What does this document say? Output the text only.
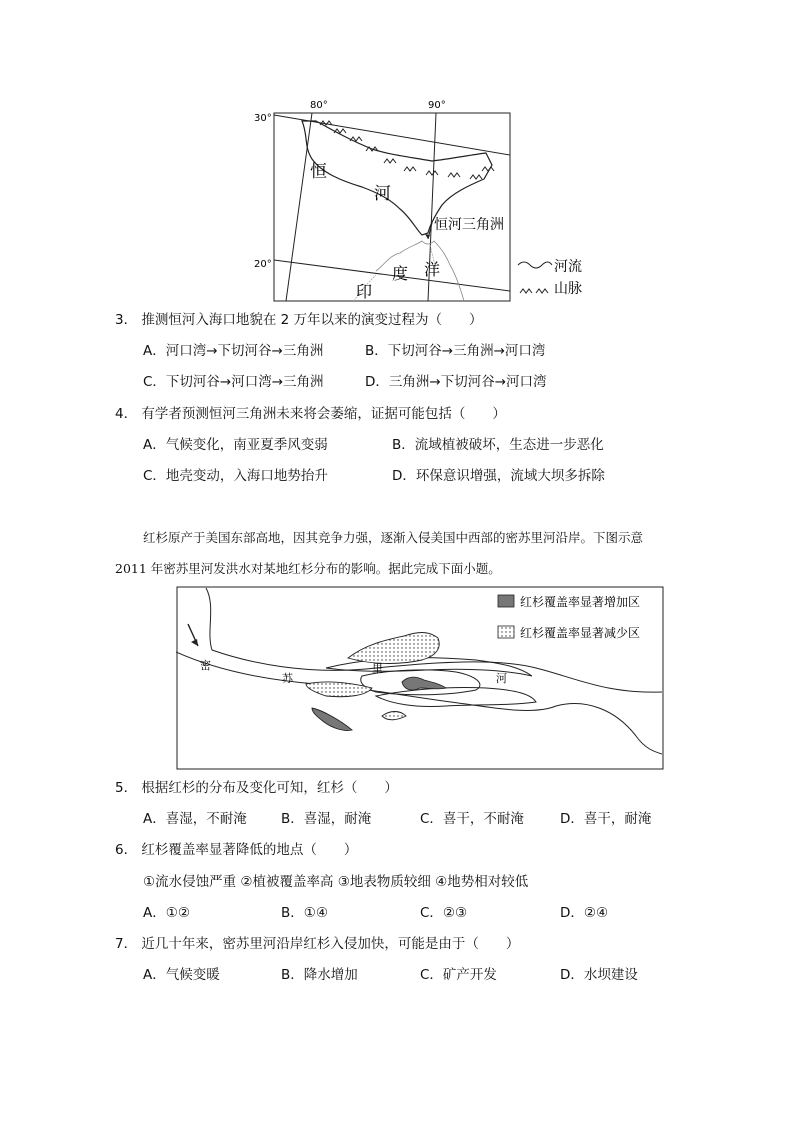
30°
20°
80°	90°
恒
河
恒河三角洲
度 洋
印
河流
山脉
3． 推测恒河入海口地貌在 2 万年以来的演变过程为（　　）
A．河口湾→下切河谷→三角洲	B．下切河谷→三角洲→河口湾
C．下切河谷→河口湾→三角洲	D．三角洲→下切河谷→河口湾
4． 有学者预测恒河三角洲未来将会萎缩，证据可能包括（　　）
A．气候变化，南亚夏季风变弱	B．流域植被破坏，生态进一步恶化
C．地壳变动，入海口地势抬升	D．环保意识增强，流域大坝多拆除
红杉原产于美国东部高地，因其竞争力强，逐渐入侵美国中西部的密苏里河沿岸。下图示意
2011 年密苏里河发洪水对某地红杉分布的影响。据此完成下面小题。
密
苏
里
河
红杉覆盖率显著增加区
红杉覆盖率显著减少区
5． 根据红杉的分布及变化可知，红杉（　　）
A．喜湿，不耐淹	B．喜湿，耐淹	C．喜干，不耐淹	D．喜干，耐淹
6． 红杉覆盖率显著降低的地点（　　）
①流水侵蚀严重 ②植被覆盖率高 ③地表物质较细 ④地势相对较低
A．①②	B．①④	C．②③	D．②④
7． 近几十年来，密苏里河沿岸红杉入侵加快，可能是由于（　　）
A．气候变暖	B．降水增加	C．矿产开发	D．水坝建设
